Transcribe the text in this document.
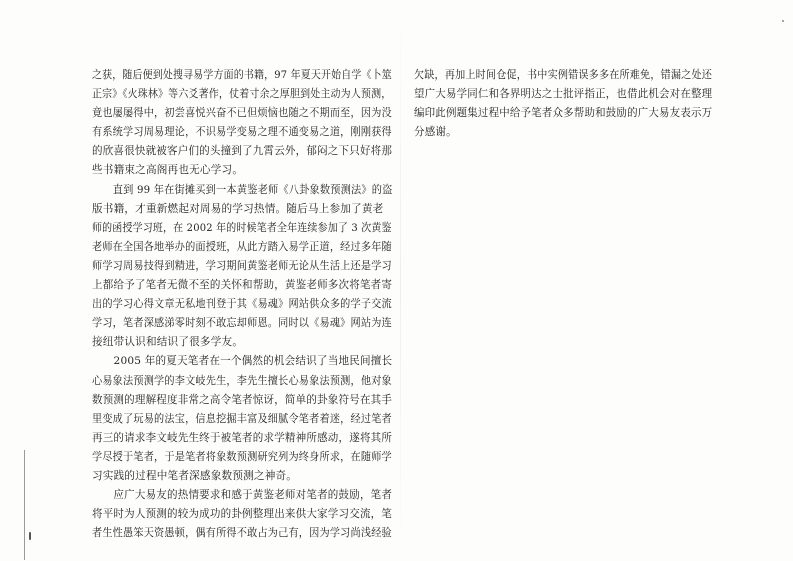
之获，随后便到处搜寻易学方面的书籍，97 年夏天开始自学《卜筮
正宗》《火珠林》等六爻著作，仗着寸余之厚胆到处主动为人预测，
竟也屡屡得中，初尝喜悦兴奋不已但烦恼也随之不期而至，因为没
有系统学习周易理论，不识易学变易之理不通变易之道，刚刚获得
的欣喜很快就被客户们的头撞到了九霄云外，郁闷之下只好将那
些书籍束之高阁再也无心学习。
　　直到 99 年在街摊买到一本黄鉴老师《八卦象数预测法》的盗
版书籍，才重新燃起对周易的学习热情。随后马上参加了黄老
师的函授学习班，在 2002 年的时候笔者全年连续参加了 3 次黄鉴
老师在全国各地举办的面授班，从此方踏入易学正道，经过多年随
师学习周易技得到精进，学习期间黄鉴老师无论从生活上还是学习
上都给予了笔者无微不至的关怀和帮助，黄鉴老师多次将笔者寄
出的学习心得文章无私地刊登于其《易魂》网站供众多的学子交流
学习，笔者深感涕零时刻不敢忘却师恩。同时以《易魂》网站为连
接纽带认识和结识了很多学友。
　　2005 年的夏天笔者在一个偶然的机会结识了当地民间擅长
心易象法预测学的李文岐先生，李先生擅长心易象法预测，他对象
数预测的理解程度非常之高令笔者惊讶，简单的卦象符号在其手
里变成了玩易的法宝，信息挖掘丰富及细腻令笔者着迷，经过笔者
再三的请求李文岐先生终于被笔者的求学精神所感动，遂将其所
学尽授于笔者，于是笔者将象数预测研究列为终身所求，在随师学
习实践的过程中笔者深感象数预测之神奇。
　　应广大易友的热情要求和感于黄鉴老师对笔者的鼓励，笔者
将平时为人预测的较为成功的卦例整理出来供大家学习交流，笔
者生性愚笨天资愚顿，偶有所得不敢占为己有，因为学习尚浅经验
欠缺，再加上时间仓促，书中实例错误多多在所难免，错漏之处还
望广大易学同仁和各界明达之士批评指正，也借此机会对在整理
编印此例题集过程中给予笔者众多帮助和鼓励的广大易友表示万
分感谢。
